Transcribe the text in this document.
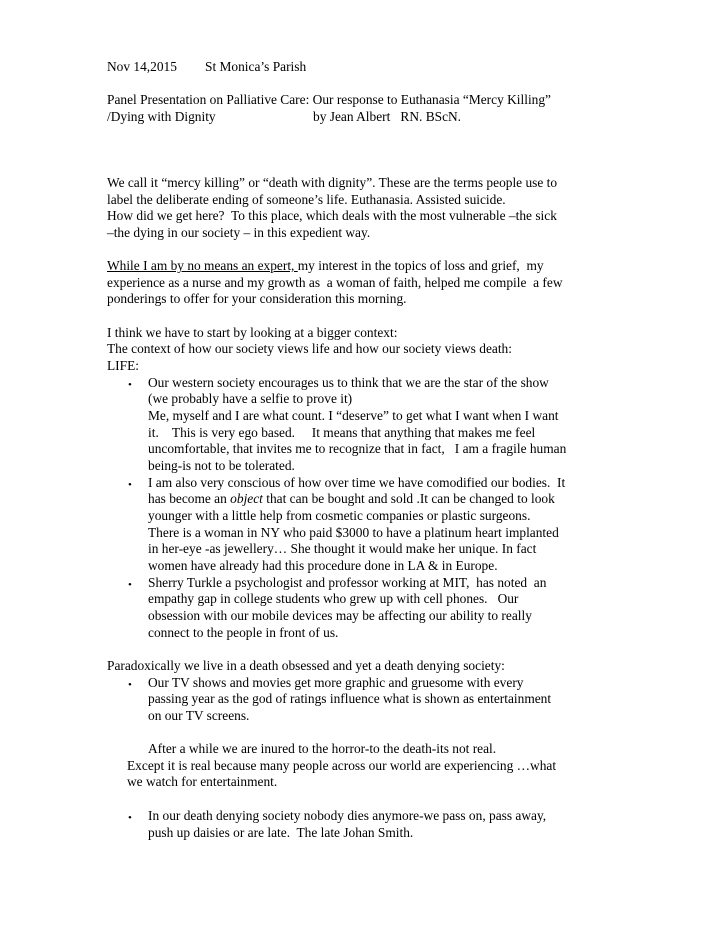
Nov 14,2015 St Monica’s Parish
Panel Presentation on Palliative Care: Our response to Euthanasia “Mercy Killing”
/Dying with Dignity	by Jean Albert   RN. BScN.
We call it “mercy killing” or “death with dignity”. These are the terms people use to
label the deliberate ending of someone’s life. Euthanasia. Assisted suicide.
How did we get here?  To this place, which deals with the most vulnerable –the sick
–the dying in our society – in this expedient way.
While I am by no means an expert, my interest in the topics of loss and grief,  my
experience as a nurse and my growth as  a woman of faith, helped me compile  a few
ponderings to offer for your consideration this morning.
I think we have to start by looking at a bigger context:
The context of how our society views life and how our society views death:
LIFE:
• Our western society encourages us to think that we are the star of the show
(we probably have a selfie to prove it)
Me, myself and I are what count. I “deserve” to get what I want when I want
it.    This is very ego based.     It means that anything that makes me feel
uncomfortable, that invites me to recognize that in fact,   I am a fragile human
being-is not to be tolerated.
• I am also very conscious of how over time we have comodified our bodies.  It
has become an object that can be bought and sold .It can be changed to look
younger with a little help from cosmetic companies or plastic surgeons.
There is a woman in NY who paid $3000 to have a platinum heart implanted
in her-eye -as jewellery… She thought it would make her unique. In fact
women have already had this procedure done in LA & in Europe.
• Sherry Turkle a psychologist and professor working at MIT,  has noted  an
empathy gap in college students who grew up with cell phones.   Our
obsession with our mobile devices may be affecting our ability to really
connect to the people in front of us.
Paradoxically we live in a death obsessed and yet a death denying society:
• Our TV shows and movies get more graphic and gruesome with every
passing year as the god of ratings influence what is shown as entertainment
on our TV screens.
After a while we are inured to the horror-to the death-its not real.
Except it is real because many people across our world are experiencing …what
we watch for entertainment.
• In our death denying society nobody dies anymore-we pass on, pass away,
push up daisies or are late.  The late Johan Smith.
